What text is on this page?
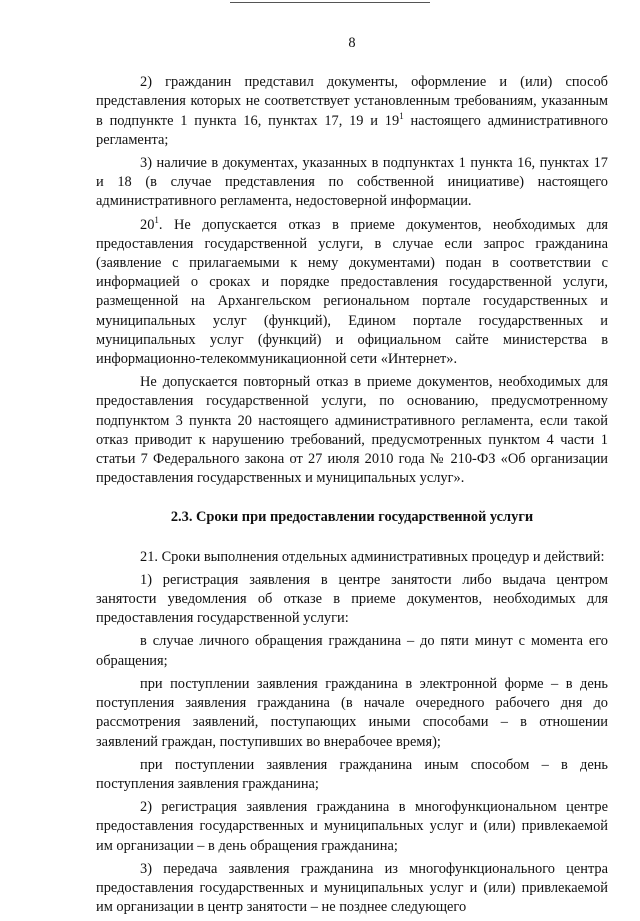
8

2) гражданин представил документы, оформление и (или) способ представления которых не соответствует установленным требованиям, указанным в подпункте 1 пункта 16, пунктах 17, 19 и $19^1$ настоящего административного регламента;

3) наличие в документах, указанных в подпунктах 1 пункта 16, пунктах 17 и 18 (в случае представления по собственной инициативе) настоящего административного регламента, недостоверной информации.

$20^1$. Не допускается отказ в приеме документов, необходимых для предоставления государственной услуги, в случае если запрос гражданина (заявление с прилагаемыми к нему документами) подан в соответствии с информацией о сроках и порядке предоставления государственной услуги, размещенной на Архангельском региональном портале государственных и муниципальных услуг (функций), Едином портале государственных и муниципальных услуг (функций) и официальном сайте министерства в информационно-телекоммуникационной сети «Интернет».

Не допускается повторный отказ в приеме документов, необходимых для предоставления государственной услуги, по основанию, предусмотренному подпунктом 3 пункта 20 настоящего административного регламента, если такой отказ приводит к нарушению требований, предусмотренных пунктом 4 части 1 статьи 7 Федерального закона от 27 июля 2010 года № 210-ФЗ «Об организации предоставления государственных и муниципальных услуг».

2.3. Сроки при предоставлении государственной услуги

21. Сроки выполнения отдельных административных процедур и действий:

1) регистрация заявления в центре занятости либо выдача центром занятости уведомления об отказе в приеме документов, необходимых для предоставления государственной услуги:

в случае личного обращения гражданина – до пяти минут с момента его обращения;

при поступлении заявления гражданина в электронной форме – в день поступления заявления гражданина (в начале очередного рабочего дня до рассмотрения заявлений, поступающих иными способами – в отношении заявлений граждан, поступивших во внерабочее время);

при поступлении заявления гражданина иным способом – в день поступления заявления гражданина;

2) регистрация заявления гражданина в многофункциональном центре предоставления государственных и муниципальных услуг и (или) привлекаемой им организации – в день обращения гражданина;

3) передача заявления гражданина из многофункционального центра предоставления государственных и муниципальных услуг и (или) привлекаемой им организации в центр занятости – не позднее следующего
